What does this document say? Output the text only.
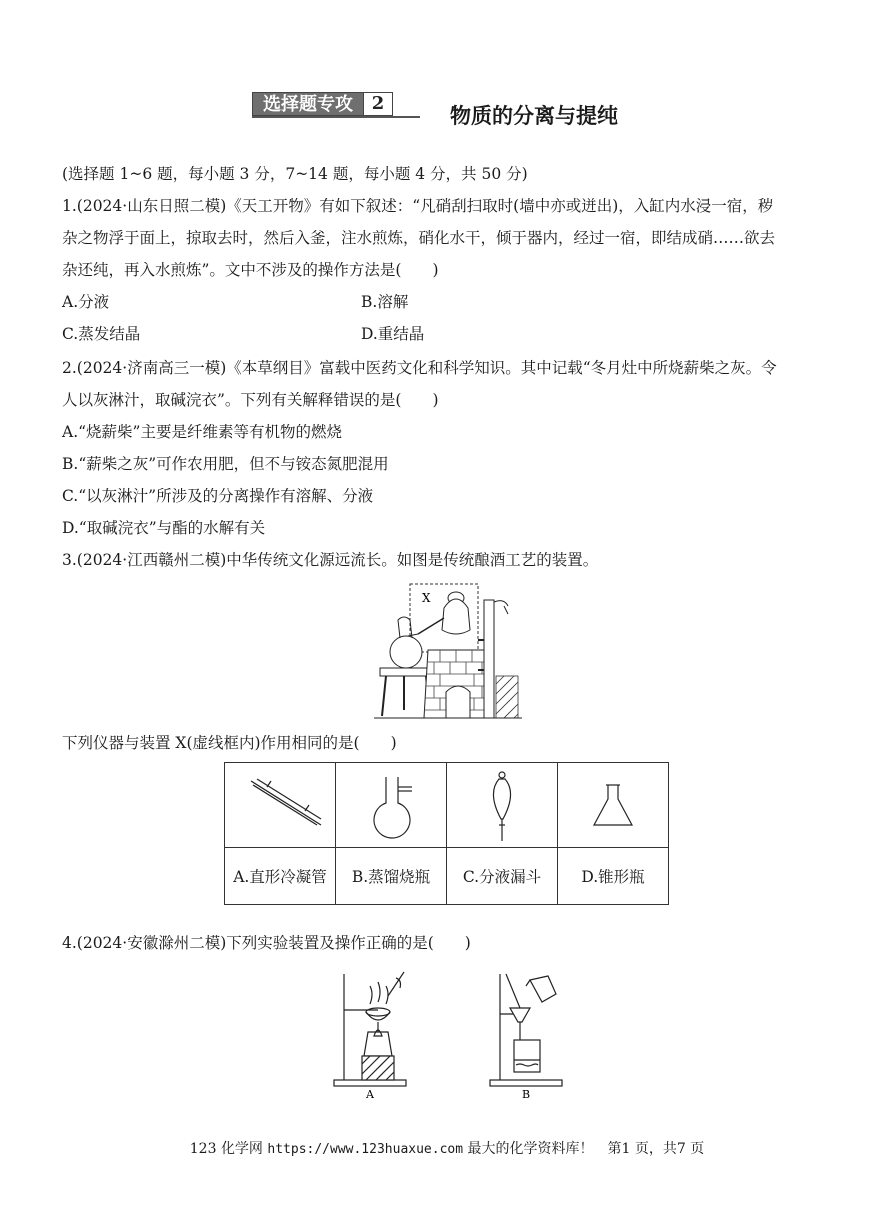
选择题专攻	2	物质的分离与提纯
(选择题 1~6 题，每小题 3 分，7~14 题，每小题 4 分，共 50 分)
1.(2024·山东日照二模)《天工开物》有如下叙述：“凡硝刮扫取时(墙中亦或迸出)，入缸内水浸一宿，秽
杂之物浮于面上，掠取去时，然后入釜，注水煎炼，硝化水干，倾于器内，经过一宿，即结成硝……欲去
杂还纯，再入水煎炼”。文中不涉及的操作方法是(　　)
A.分液	B.溶解
C.蒸发结晶	D.重结晶
2.(2024·济南高三一模)《本草纲目》富载中医药文化和科学知识。其中记载“冬月灶中所烧薪柴之灰。令
人以灰淋汁，取碱浣衣”。下列有关解释错误的是(　　)
A.“烧薪柴”主要是纤维素等有机物的燃烧
B.“薪柴之灰”可作农用肥，但不与铵态氮肥混用
C.“以灰淋汁”所涉及的分离操作有溶解、分液
D.“取碱浣衣”与酯的水解有关
3.(2024·江西赣州二模)中华传统文化源远流长。如图是传统酿酒工艺的装置。
X
下列仪器与装置 X(虚线框内)作用相同的是(　　)

A.直形冷凝管	B.蒸馏烧瓶	C.分液漏斗	D.锥形瓶
4.(2024·安徽滁州二模)下列实验装置及操作正确的是(　　)
A	B
123 化学网 https://www.123huaxue.com 最大的化学资料库！　第1 页，共7 页
